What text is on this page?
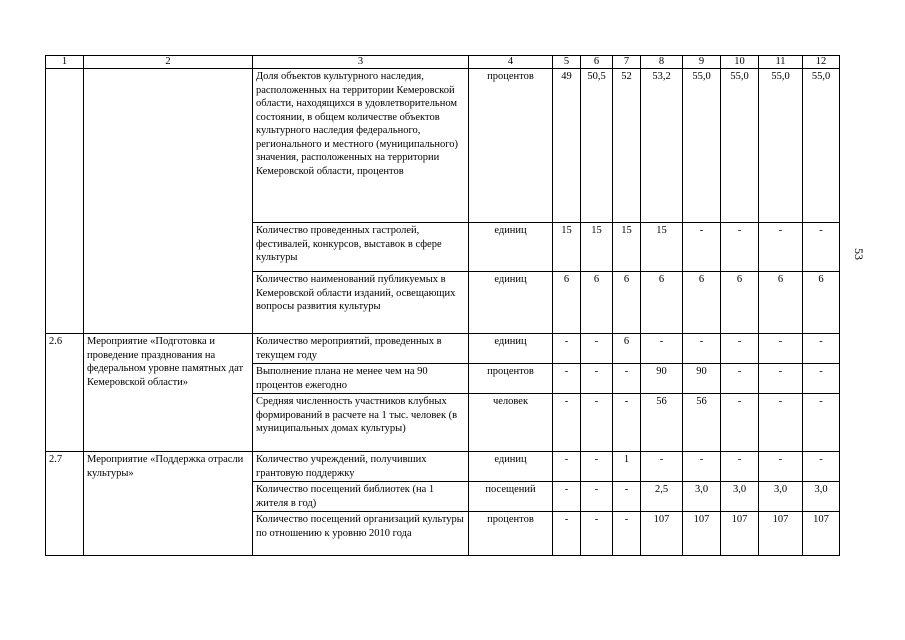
53
1	2	3	4	5	6	7	8	9	10	11	12
		Доля объектов культурного наследия, расположенных на территории Кемеровской области, находящихся в удовлетворительном состоянии, в общем количестве объектов культурного наследия федерального, регионального и местного (муниципального) значения, расположенных на территории Кемеровской области, процентов	процентов	49	50,5	52	53,2	55,0	55,0	55,0	55,0
		Количество проведенных гастролей, фестивалей, конкурсов, выставок в сфере культуры	единиц	15	15	15	15	-	-	-	-
		Количество наименований публикуемых в Кемеровской области изданий, освещающих вопросы развития культуры	единиц	6	6	6	6	6	6	6	6
2.6	Мероприятие «Подготовка и проведение празднования на федеральном уровне памятных дат Кемеровской области»	Количество мероприятий, проведенных в текущем году	единиц	-	-	6	-	-	-	-	-
		Выполнение плана не менее чем на 90 процентов ежегодно	процентов	-	-	-	90	90	-	-	-
		Средняя численность участников клубных формирований в расчете на 1 тыс. человек (в муниципальных домах культуры)	человек	-	-	-	56	56	-	-	-
2.7	Мероприятие «Поддержка отрасли культуры»	Количество учреждений, получивших грантовую поддержку	единиц	-	-	1	-	-	-	-	-
		Количество посещений библиотек (на 1 жителя в год)	посещений	-	-	-	2,5	3,0	3,0	3,0	3,0
		Количество посещений организаций культуры по отношению к уровню 2010 года	процентов	-	-	-	107	107	107	107	107
